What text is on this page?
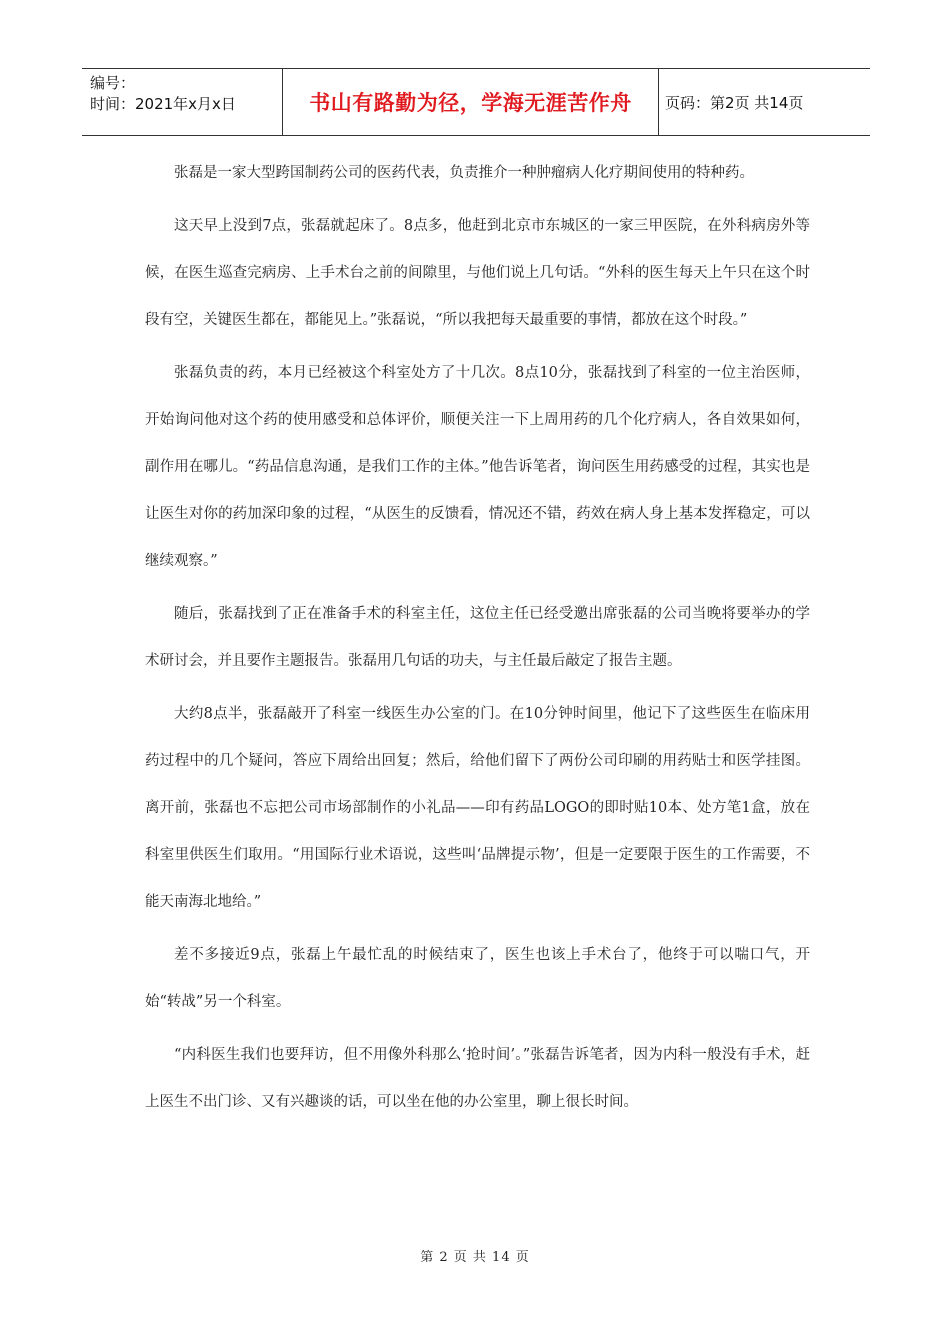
编号：
时间：2021年x月x日	书山有路勤为径，学海无涯苦作舟 页码：第2页 共14页

张磊是一家大型跨国制药公司的医药代表，负责推介一种肿瘤病人化疗期间使用的特种药。

这天早上没到7点，张磊就起床了。8点多，他赶到北京市东城区的一家三甲医院，在外科病房外等候，在医生巡查完病房、上手术台之前的间隙里，与他们说上几句话。“外科的医生每天上午只在这个时段有空，关键医生都在，都能见上。”张磊说，“所以我把每天最重要的事情，都放在这个时段。”

张磊负责的药，本月已经被这个科室处方了十几次。8点10分，张磊找到了科室的一位主治医师，开始询问他对这个药的使用感受和总体评价，顺便关注一下上周用药的几个化疗病人，各自效果如何，副作用在哪儿。“药品信息沟通，是我们工作的主体。”他告诉笔者，询问医生用药感受的过程，其实也是让医生对你的药加深印象的过程，“从医生的反馈看，情况还不错，药效在病人身上基本发挥稳定，可以继续观察。”

随后，张磊找到了正在准备手术的科室主任，这位主任已经受邀出席张磊的公司当晚将要举办的学术研讨会，并且要作主题报告。张磊用几句话的功夫，与主任最后敲定了报告主题。

大约8点半，张磊敲开了科室一线医生办公室的门。在10分钟时间里，他记下了这些医生在临床用药过程中的几个疑问，答应下周给出回复；然后，给他们留下了两份公司印刷的用药贴士和医学挂图。离开前，张磊也不忘把公司市场部制作的小礼品——印有药品LOGO的即时贴10本、处方笔1盒，放在科室里供医生们取用。“用国际行业术语说，这些叫‘品牌提示物’，但是一定要限于医生的工作需要，不能天南海北地给。”

差不多接近9点，张磊上午最忙乱的时候结束了，医生也该上手术台了，他终于可以喘口气，开始“转战”另一个科室。

“内科医生我们也要拜访，但不用像外科那么‘抢时间’。”张磊告诉笔者，因为内科一般没有手术，赶上医生不出门诊、又有兴趣谈的话，可以坐在他的办公室里，聊上很长时间。

第 2 页 共 14 页
